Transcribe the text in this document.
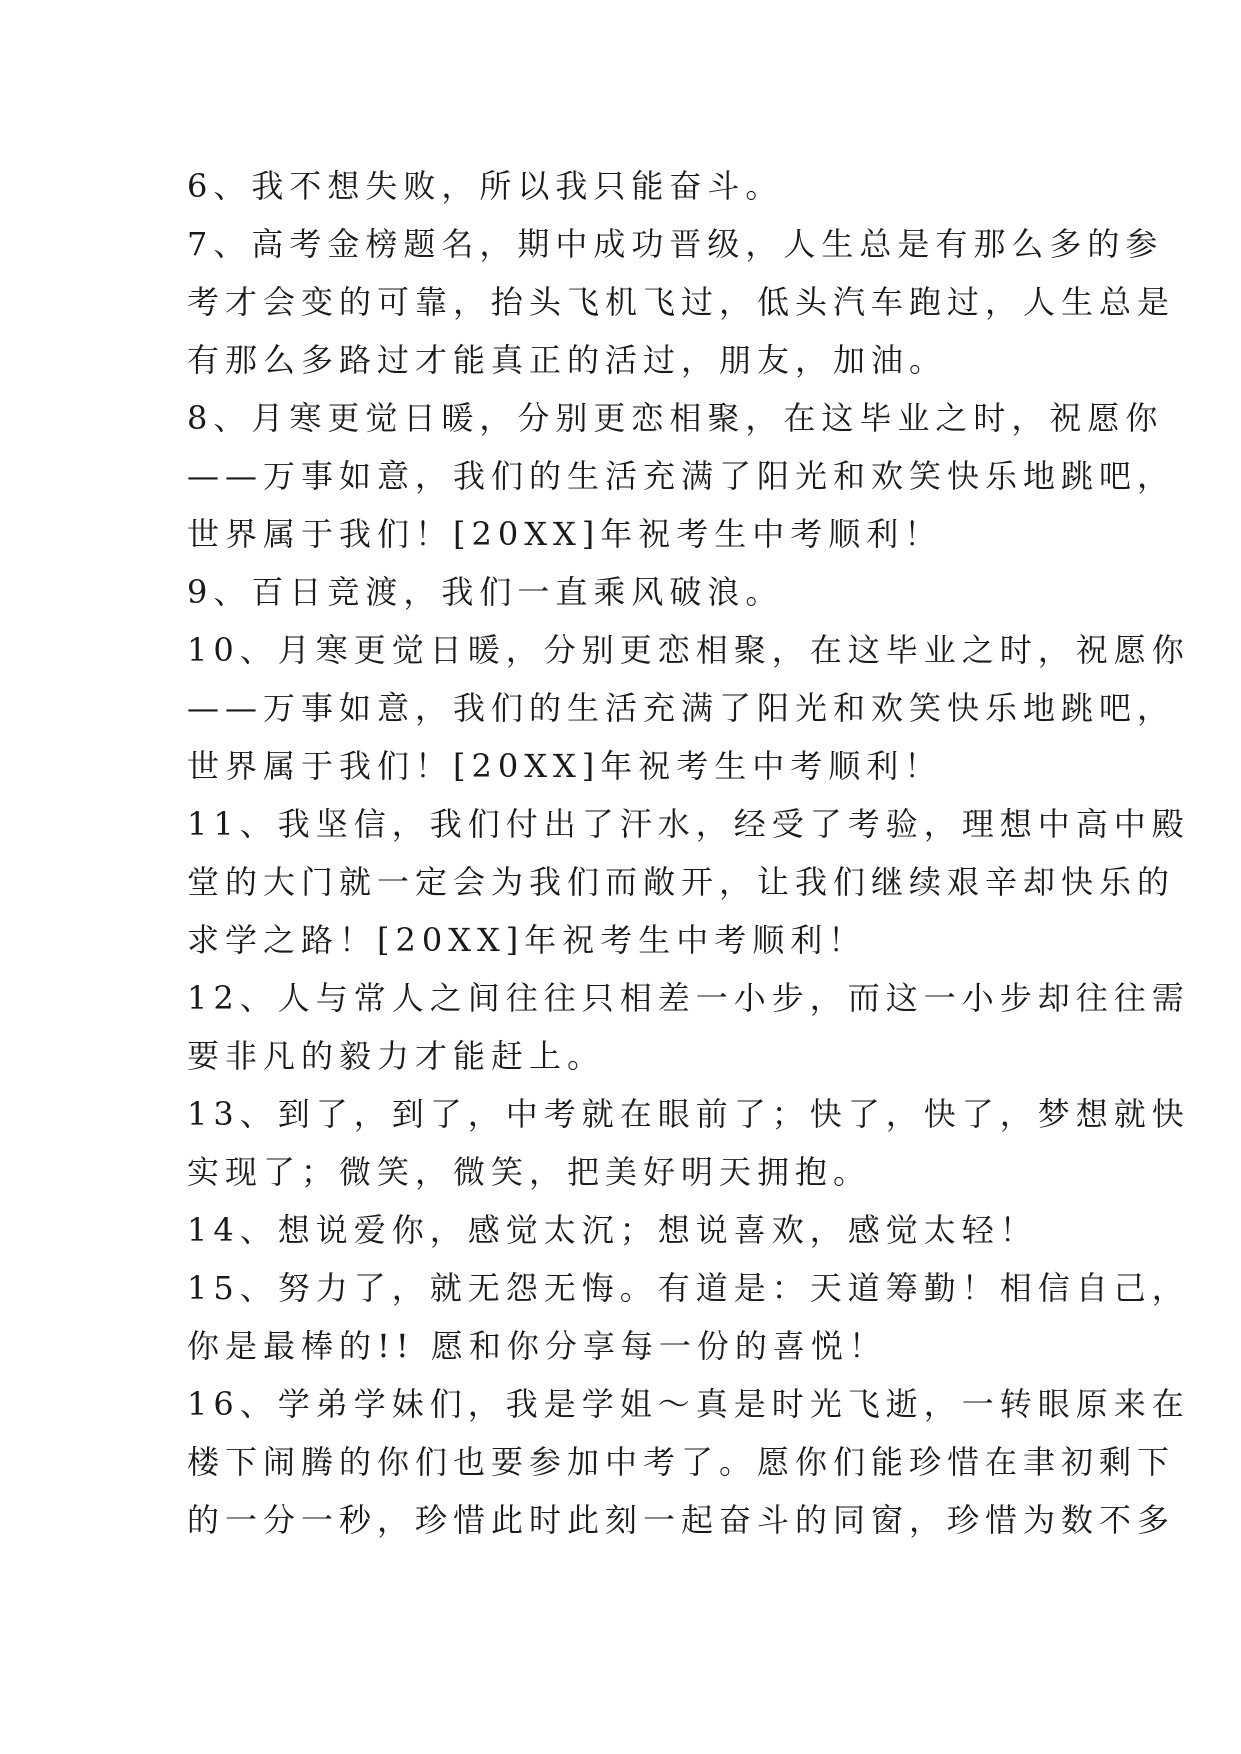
6、我不想失败，所以我只能奋斗。
7、高考金榜题名，期中成功晋级，人生总是有那么多的参
考才会变的可靠，抬头飞机飞过，低头汽车跑过，人生总是
有那么多路过才能真正的活过，朋友，加油。
8、月寒更觉日暖，分别更恋相聚，在这毕业之时，祝愿你
——万事如意，我们的生活充满了阳光和欢笑快乐地跳吧，
世界属于我们！[20XX]年祝考生中考顺利！
9、百日竞渡，我们一直乘风破浪。
10、月寒更觉日暖，分别更恋相聚，在这毕业之时，祝愿你
——万事如意，我们的生活充满了阳光和欢笑快乐地跳吧，
世界属于我们！[20XX]年祝考生中考顺利！
11、我坚信，我们付出了汗水，经受了考验，理想中高中殿
堂的大门就一定会为我们而敞开，让我们继续艰辛却快乐的
求学之路！[20XX]年祝考生中考顺利！
12、人与常人之间往往只相差一小步，而这一小步却往往需
要非凡的毅力才能赶上。
13、到了，到了，中考就在眼前了；快了，快了，梦想就快
实现了；微笑，微笑，把美好明天拥抱。
14、想说爱你，感觉太沉；想说喜欢，感觉太轻！
15、努力了，就无怨无悔。有道是：天道筹勤！相信自己，
你是最棒的!! 愿和你分享每一份的喜悦！
16、学弟学妹们，我是学姐～真是时光飞逝，一转眼原来在
楼下闹腾的你们也要参加中考了。愿你们能珍惜在聿初剩下
的一分一秒，珍惜此时此刻一起奋斗的同窗，珍惜为数不多
